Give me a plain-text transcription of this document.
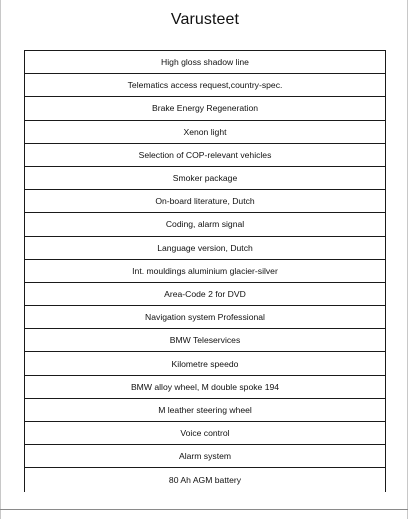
Varusteet
High gloss shadow line
Telematics access request,country-spec.
Brake Energy Regeneration
Xenon light
Selection of COP-relevant vehicles
Smoker package
On-board literature, Dutch
Coding, alarm signal
Language version, Dutch
Int. mouldings aluminium glacier-silver
Area-Code 2 for DVD
Navigation system Professional
BMW Teleservices
Kilometre speedo
BMW alloy wheel, M double spoke 194
M leather steering wheel
Voice control
Alarm system
80 Ah AGM battery
